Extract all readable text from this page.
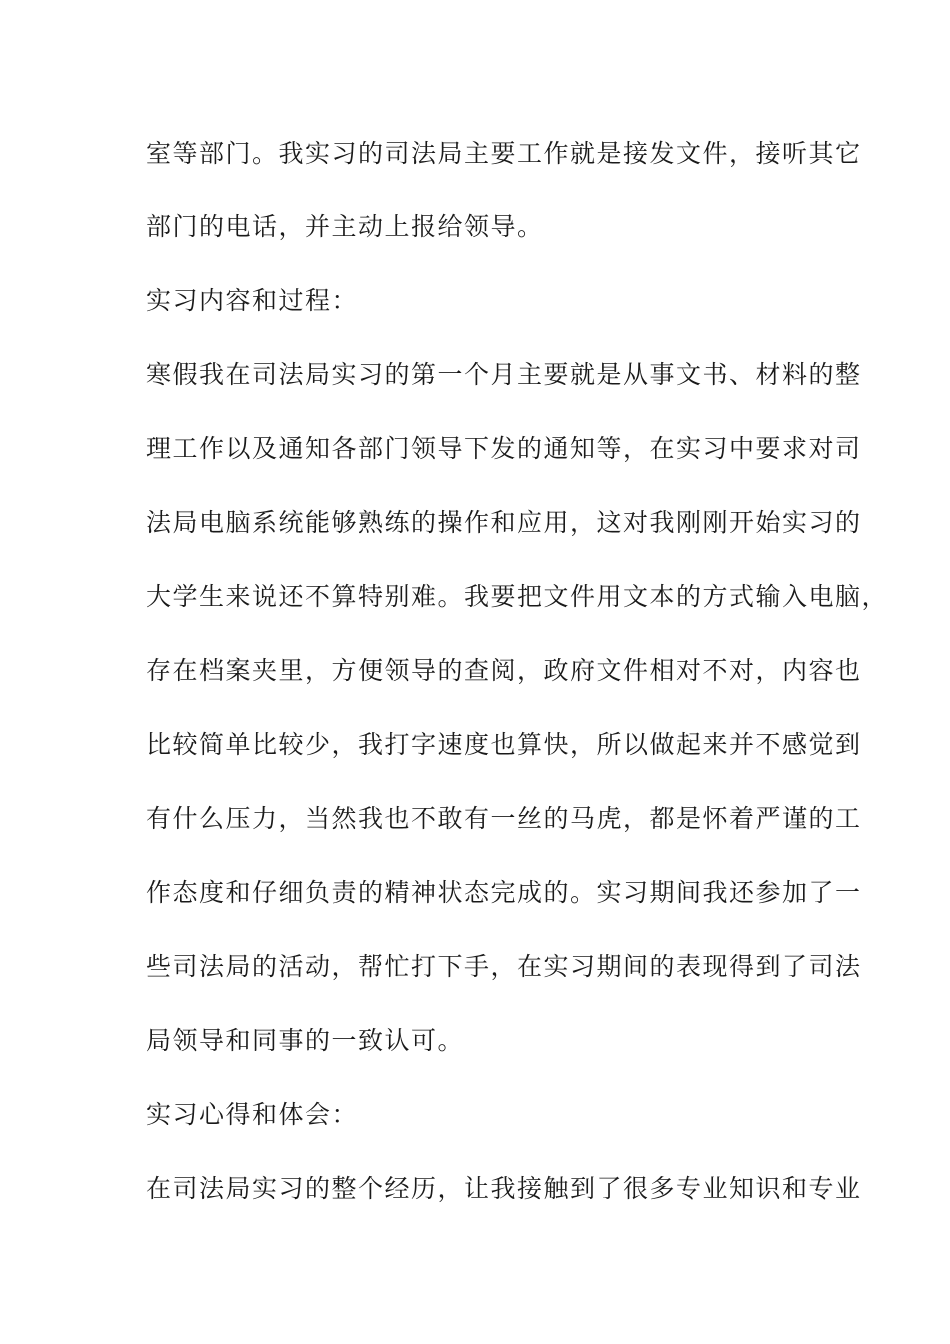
室等部门。我实习的司法局主要工作就是接发文件，接听其它
部门的电话，并主动上报给领导。
实习内容和过程：
寒假我在司法局实习的第一个月主要就是从事文书、材料的整
理工作以及通知各部门领导下发的通知等，在实习中要求对司
法局电脑系统能够熟练的操作和应用，这对我刚刚开始实习的
大学生来说还不算特别难。我要把文件用文本的方式输入电脑，
存在档案夹里，方便领导的查阅，政府文件相对不对，内容也
比较简单比较少，我打字速度也算快，所以做起来并不感觉到
有什么压力，当然我也不敢有一丝的马虎，都是怀着严谨的工
作态度和仔细负责的精神状态完成的。实习期间我还参加了一
些司法局的活动，帮忙打下手，在实习期间的表现得到了司法
局领导和同事的一致认可。
实习心得和体会：
在司法局实习的整个经历，让我接触到了很多专业知识和专业
